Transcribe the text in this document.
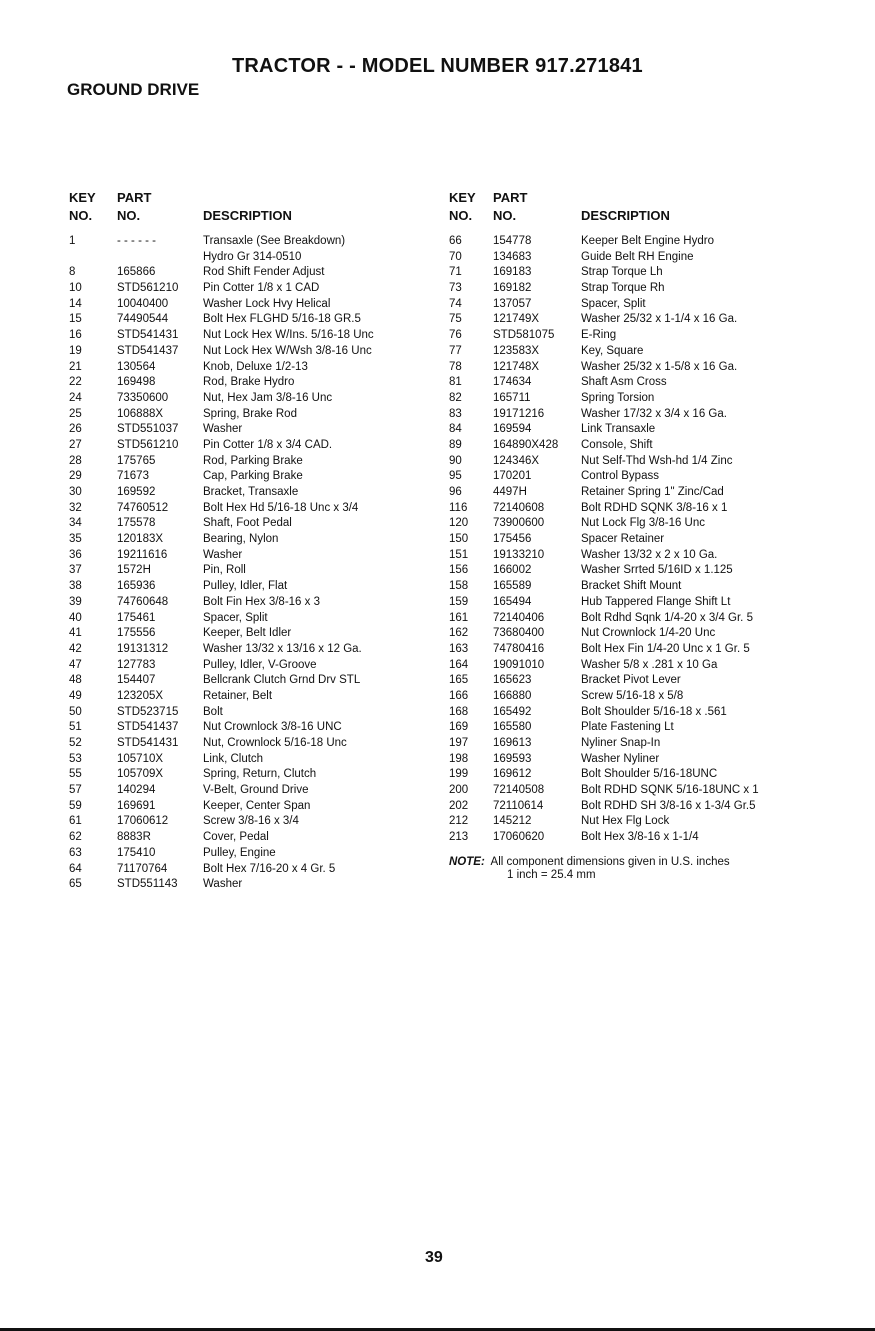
TRACTOR - - MODEL NUMBER 917.271841
GROUND DRIVE
KEY PART
NO. NO.	DESCRIPTION
1	- - - - - -	Transaxle (See Breakdown)
Hydro Gr 314-0510
8	165866	Rod Shift Fender Adjust
10	STD561210 Pin Cotter 1/8 x 1 CAD
14	10040400	Washer Lock Hvy Helical
15	74490544	Bolt Hex FLGHD 5/16-18 GR.5
16	STD541431 Nut Lock Hex W/Ins. 5/16-18 Unc
19	STD541437 Nut Lock Hex W/Wsh 3/8-16 Unc
21	130564	Knob, Deluxe 1/2-13
22	169498	Rod, Brake Hydro
24	73350600	Nut, Hex Jam 3/8-16 Unc
25	106888X	Spring, Brake Rod
26	STD551037 Washer
27	STD561210 Pin Cotter 1/8 x 3/4 CAD.
28	175765	Rod, Parking Brake
29	71673	Cap, Parking Brake
30	169592	Bracket, Transaxle
32	74760512	Bolt Hex Hd 5/16-18 Unc x 3/4
34	175578	Shaft, Foot Pedal
35	120183X	Bearing, Nylon
36	19211616	Washer
37	1572H	Pin, Roll
38	165936	Pulley, Idler, Flat
39	74760648	Bolt Fin Hex 3/8-16 x 3
40	175461	Spacer, Split
41	175556	Keeper, Belt Idler
42	19131312	Washer 13/32 x 13/16 x 12 Ga.
47	127783	Pulley, Idler, V-Groove
48	154407	Bellcrank Clutch Grnd Drv STL
49	123205X	Retainer, Belt
50	STD523715 Bolt
51	STD541437 Nut Crownlock 3/8-16 UNC
52	STD541431 Nut, Crownlock 5/16-18 Unc
53	105710X	Link, Clutch
55	105709X	Spring, Return, Clutch
57	140294	V-Belt, Ground Drive
59	169691	Keeper, Center Span
61	17060612	Screw 3/8-16 x 3/4
62	8883R	Cover, Pedal
63	175410	Pulley, Engine
64	71170764	Bolt Hex 7/16-20 x 4 Gr. 5
65	STD551143 Washer
KEY PART
NO. NO.	DESCRIPTION
66	154778	Keeper Belt Engine Hydro
70	134683	Guide Belt RH Engine
71	169183	Strap Torque Lh
73	169182	Strap Torque Rh
74	137057	Spacer, Split
75	121749X	Washer 25/32 x 1-1/4 x 16 Ga.
76	STD581075 E-Ring
77	123583X	Key, Square
78	121748X	Washer 25/32 x 1-5/8 x 16 Ga.
81	174634	Shaft Asm Cross
82	165711	Spring Torsion
83	19171216	Washer 17/32 x 3/4 x 16 Ga.
84	169594	Link Transaxle
89	164890X428 Console, Shift
90	124346X	Nut Self-Thd Wsh-hd 1/4 Zinc
95	170201	Control Bypass
96	4497H	Retainer Spring 1" Zinc/Cad
116 72140608	Bolt RDHD SQNK 3/8-16 x 1
120 73900600	Nut Lock Flg 3/8-16 Unc
150 175456	Spacer Retainer
151 19133210	Washer 13/32 x 2 x 10 Ga.
156 166002	Washer Srrted 5/16ID x 1.125
158 165589	Bracket Shift Mount
159 165494	Hub Tappered Flange Shift Lt
161 72140406	Bolt Rdhd Sqnk 1/4-20 x 3/4 Gr. 5
162 73680400	Nut Crownlock 1/4-20 Unc
163 74780416	Bolt Hex Fin 1/4-20 Unc x 1 Gr. 5
164 19091010	Washer 5/8 x .281 x 10 Ga
165 165623	Bracket Pivot Lever
166 166880	Screw 5/16-18 x 5/8
168 165492	Bolt Shoulder 5/16-18 x .561
169 165580	Plate Fastening Lt
197 169613	Nyliner Snap-In
198 169593	Washer Nyliner
199 169612	Bolt Shoulder 5/16-18UNC
200 72140508	Bolt RDHD SQNK 5/16-18UNC x 1
202 72110614	Bolt RDHD SH 3/8-16 x 1-3/4 Gr.5
212 145212	Nut Hex Flg Lock
213 17060620	Bolt Hex 3/8-16 x 1-1/4
NOTE: All component dimensions given in U.S. inches
1 inch = 25.4 mm
39
